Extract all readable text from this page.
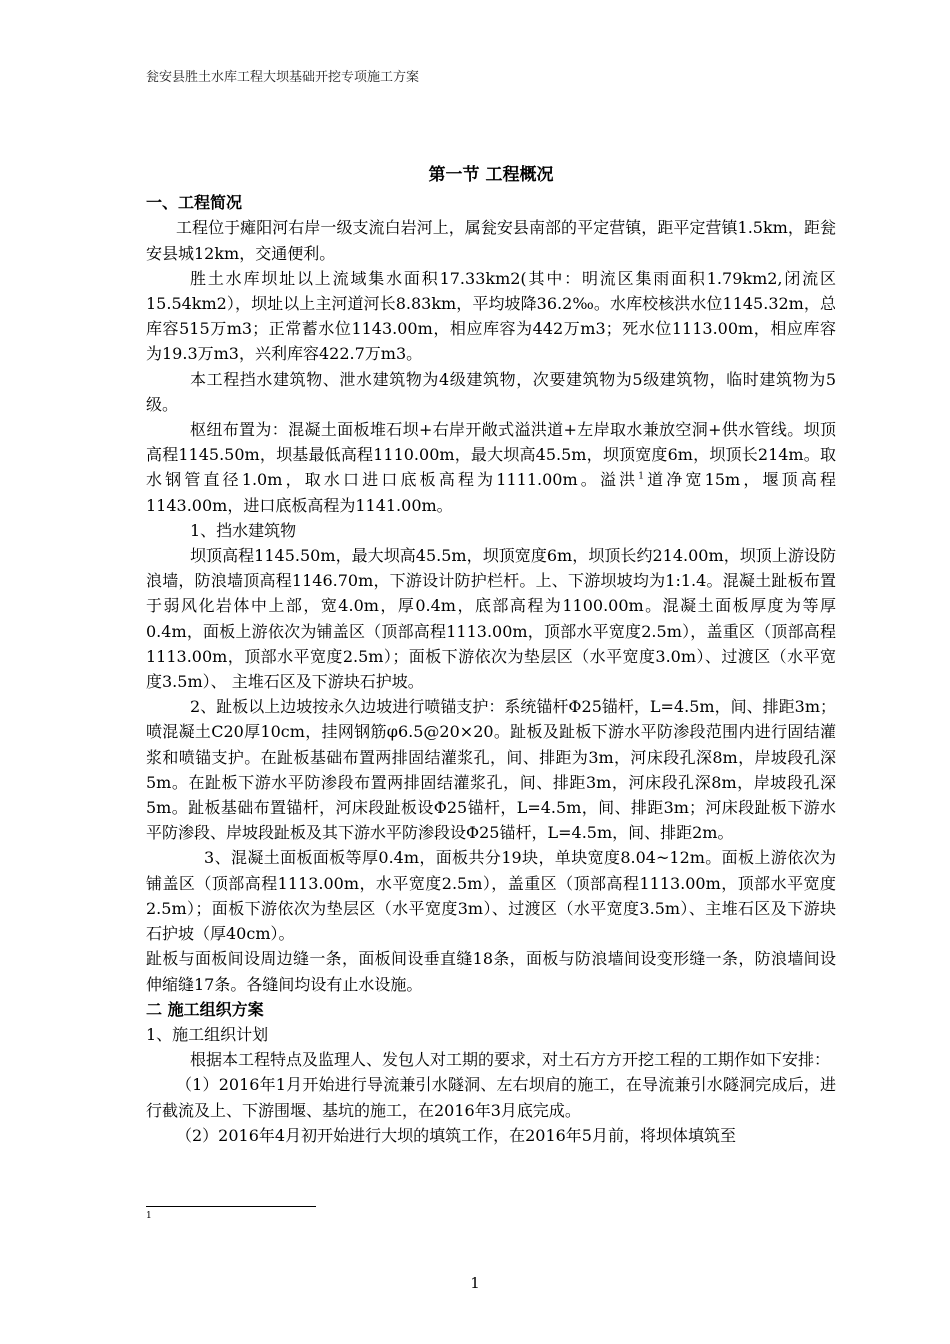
瓮安县胜土水库工程大坝基础开挖专项施工方案

第一节 工程概况

一、工程简况

工程位于瘫阳河右岸一级支流白岩河上，属瓮安县南部的平定营镇，距平定营镇1.5km，距瓮安县城12km，交通便利。

胜土水库坝址以上流域集水面积17.33km2(其中：明流区集雨面积1.79km2,闭流区15.54km2），坝址以上主河道河长8.83km，平均坡降36.2‰。水库校核洪水位1145.32m，总库容515万m3；正常蓄水位1143.00m，相应库容为442万m3；死水位1113.00m，相应库容为19.3万m3，兴利库容422.7万m3。

本工程挡水建筑物、泄水建筑物为4级建筑物，次要建筑物为5级建筑物，临时建筑物为5级。

枢纽布置为：混凝土面板堆石坝+右岸开敞式溢洪道+左岸取水兼放空洞+供水管线。坝顶高程1145.50m，坝基最低高程1110.00m，最大坝高45.5m，坝顶宽度6m，坝顶长214m。取水钢管直径1.0m，取水口进口底板高程为1111.00m。溢洪$^1$道净宽15m，堰顶高程1143.00m，进口底板高程为1141.00m。

1、挡水建筑物

坝顶高程1145.50m，最大坝高45.5m，坝顶宽度6m，坝顶长约214.00m，坝顶上游设防浪墙，防浪墙顶高程1146.70m，下游设计防护栏杆。上、下游坝坡均为1:1.4。混凝土趾板布置于弱风化岩体中上部，宽4.0m，厚0.4m，底部高程为1100.00m。混凝土面板厚度为等厚0.4m，面板上游依次为铺盖区（顶部高程1113.00m，顶部水平宽度2.5m），盖重区（顶部高程1113.00m，顶部水平宽度2.5m）；面板下游依次为垫层区（水平宽度3.0m）、过渡区（水平宽度3.5m）、 主堆石区及下游块石护坡。

2、趾板以上边坡按永久边坡进行喷锚支护：系统锚杆Φ25锚杆，L=4.5m，间、排距3m；喷混凝土C20厚10cm，挂网钢筋φ6.5@20×20。趾板及趾板下游水平防渗段范围内进行固结灌浆和喷锚支护。在趾板基础布置两排固结灌浆孔，间、排距为3m，河床段孔深8m，岸坡段孔深5m。在趾板下游水平防渗段布置两排固结灌浆孔，间、排距3m，河床段孔深8m，岸坡段孔深5m。趾板基础布置锚杆，河床段趾板设Φ25锚杆，L=4.5m，间、排距3m；河床段趾板下游水平防渗段、岸坡段趾板及其下游水平防渗段设Φ25锚杆，L=4.5m，间、排距2m。

3、混凝土面板面板等厚0.4m，面板共分19块，单块宽度8.04~12m。面板上游依次为铺盖区（顶部高程1113.00m，水平宽度2.5m），盖重区（顶部高程1113.00m，顶部水平宽度2.5m）；面板下游依次为垫层区（水平宽度3m）、过渡区（水平宽度3.5m）、主堆石区及下游块石护坡（厚40cm）。

趾板与面板间设周边缝一条，面板间设垂直缝18条，面板与防浪墙间设变形缝一条，防浪墙间设伸缩缝17条。各缝间均设有止水设施。

二 施工组织方案

1、施工组织计划

根据本工程特点及监理人、发包人对工期的要求，对土石方方开挖工程的工期作如下安排：

（1）2016年1月开始进行导流兼引水隧洞、左右坝肩的施工，在导流兼引水隧洞完成后，进行截流及上、下游围堰、基坑的施工，在2016年3月底完成。

（2）2016年4月初开始进行大坝的填筑工作，在2016年5月前，将坝体填筑至

1
1
